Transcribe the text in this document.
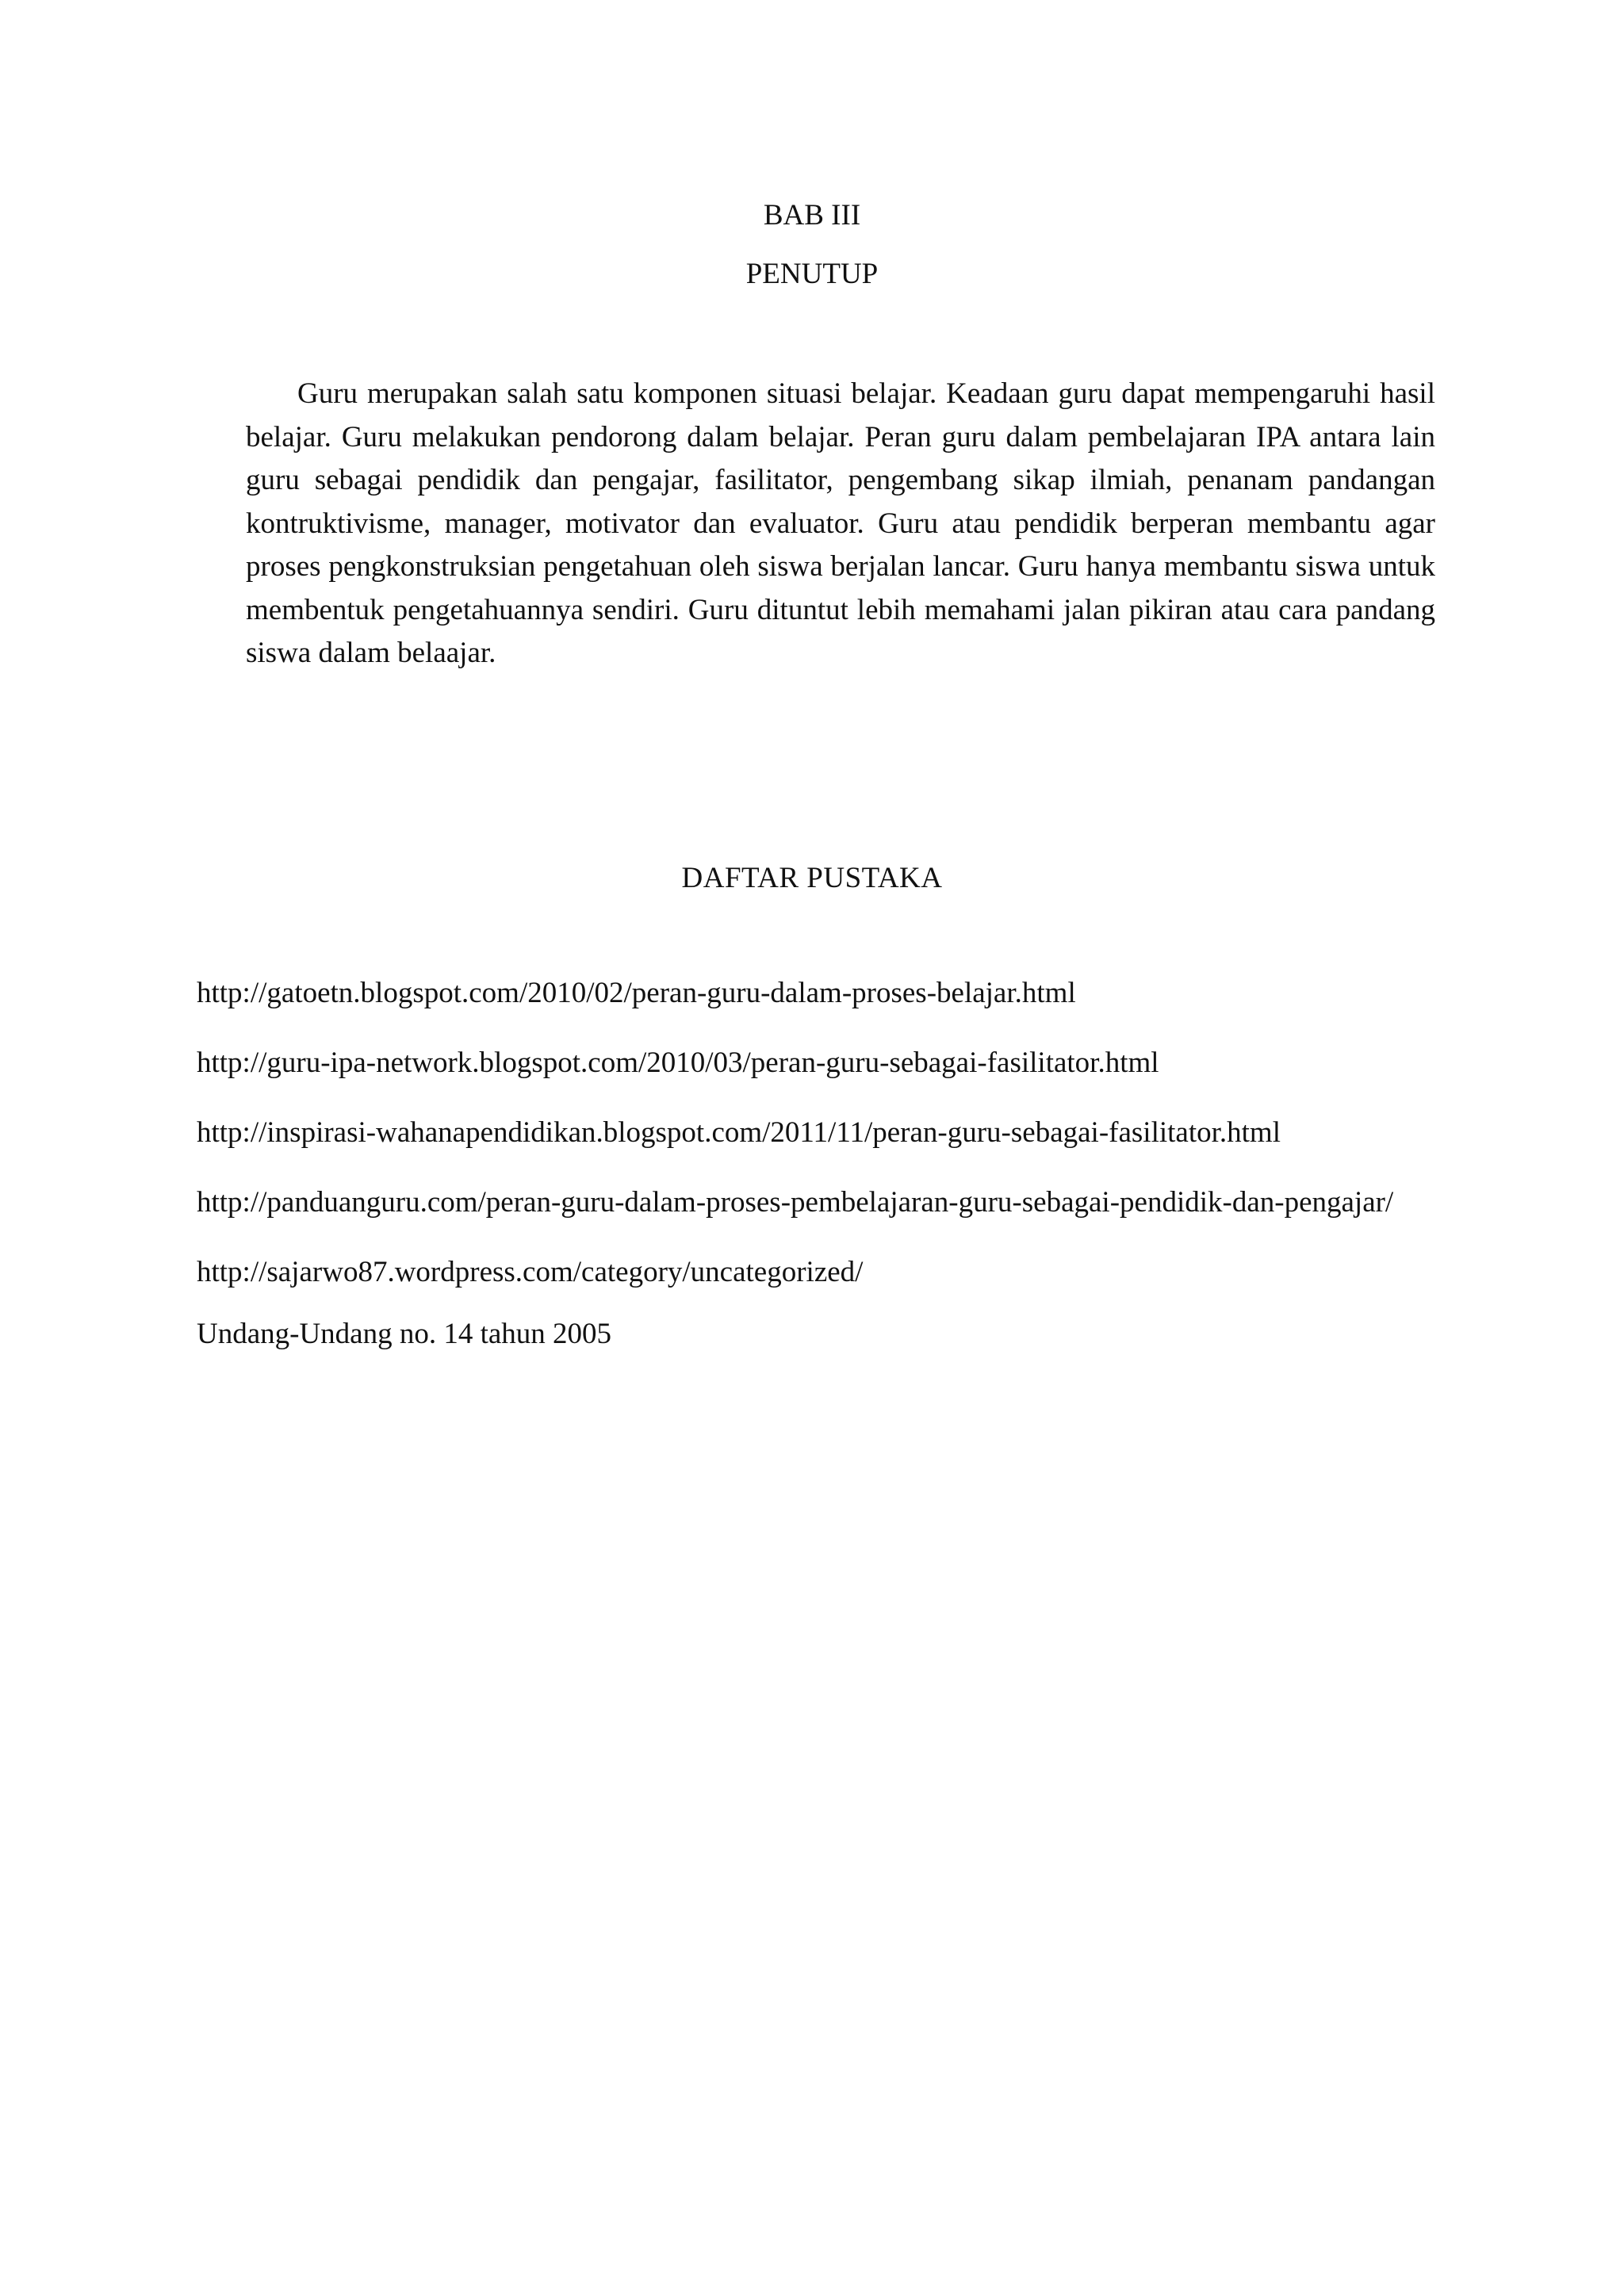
BAB III
PENUTUP

Guru merupakan salah satu komponen situasi belajar. Keadaan guru dapat mempengaruhi hasil belajar. Guru melakukan pendorong dalam belajar. Peran guru dalam pembelajaran IPA antara lain guru sebagai pendidik dan pengajar, fasilitator, pengembang sikap ilmiah, penanam pandangan kontruktivisme, manager, motivator dan evaluator. Guru atau pendidik berperan membantu agar proses pengkonstruksian pengetahuan oleh siswa berjalan lancar. Guru hanya membantu siswa untuk membentuk pengetahuannya sendiri. Guru dituntut lebih memahami jalan pikiran atau cara pandang siswa dalam belaajar.

DAFTAR PUSTAKA
http://gatoetn.blogspot.com/2010/02/peran-guru-dalam-proses-belajar.html
http://guru-ipa-network.blogspot.com/2010/03/peran-guru-sebagai-fasilitator.html
http://inspirasi-wahanapendidikan.blogspot.com/2011/11/peran-guru-sebagai-fasilitator.html
http://panduanguru.com/peran-guru-dalam-proses-pembelajaran-guru-sebagai-pendidik-dan-pengajar/
http://sajarwo87.wordpress.com/category/uncategorized/
Undang-Undang no. 14 tahun 2005
